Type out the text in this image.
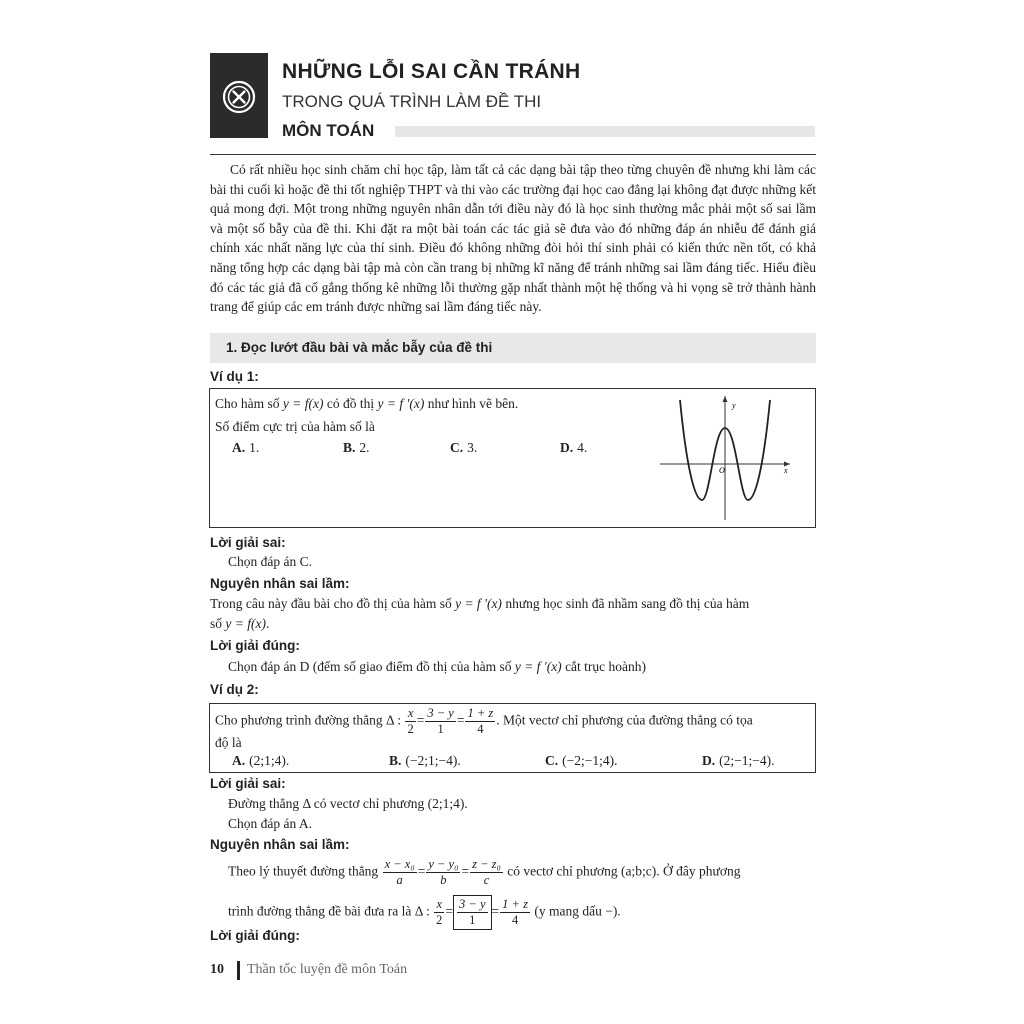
NHỮNG LỖI SAI CẦN TRÁNH
TRONG QUÁ TRÌNH LÀM ĐỀ THI
MÔN TOÁN

Có rất nhiều học sinh chăm chỉ học tập, làm tất cả các dạng bài tập theo từng chuyên đề nhưng khi làm các bài thi cuối kì hoặc đề thi tốt nghiệp THPT và thi vào các trường đại học cao đẳng lại không đạt được những kết quả mong đợi. Một trong những nguyên nhân dẫn tới điều này đó là học sinh thường mắc phải một số sai lầm và một số bẫy của đề thi. Khi đặt ra một bài toán các tác giả sẽ đưa vào đó những đáp án nhiễu để đánh giá chính xác nhất năng lực của thí sinh. Điều đó không những đòi hỏi thí sinh phải có kiến thức nền tốt, có khả năng tổng hợp các dạng bài tập mà còn cần trang bị những kĩ năng để tránh những sai lầm đáng tiếc. Hiểu điều đó các tác giả đã cố gắng thống kê những lỗi thường gặp nhất thành một hệ thống và hi vọng sẽ trở thành hành trang để giúp các em tránh được những sai lầm đáng tiếc này.

1. Đọc lướt đầu bài và mắc bẫy của đề thi
Ví dụ 1:
Cho hàm số y = f(x) có đồ thị y = f '(x) như hình vẽ bên.
Số điểm cực trị của hàm số là
A. 1.	B. 2.	C. 3.	D. 4.
y
x
O
Lời giải sai:
Chọn đáp án C.
Nguyên nhân sai lầm:
Trong câu này đầu bài cho đồ thị của hàm số y = f '(x) nhưng học sinh đã nhầm sang đồ thị của hàm
số y = f(x).
Lời giải đúng:
Chọn đáp án D (đếm số giao điểm đồ thị của hàm số y = f '(x) cắt trục hoành)
Ví dụ 2:
Cho phương trình đường thẳng Δ : $\frac{x}{2} = \frac{3 - y}{1} = \frac{1 + z}{4}$ . Một vectơ chỉ phương của đường thẳng có tọa
độ là
A. (2;1;4).	B. (−2;1;−4).	C. (−2;−1;4).	D. (2;−1;−4).
Lời giải sai:
Đường thẳng Δ có vectơ chỉ phương (2;1;4).
Chọn đáp án A.
Nguyên nhân sai lầm:
Theo lý thuyết đường thẳng $\frac{\text{x − x₀}}{a} = \frac{\text{y − y₀}}{b} = \frac{\text{z − z₀}}{c}$ có vectơ chỉ phương (a;b;c). Ở đây phương
trình đường thẳng đề bài đưa ra là Δ : $\frac{x}{2} = \frac{3 - y}{1} = \frac{1 + z}{4} (y$ mang dấu −).
Lời giải đúng:
10 Thần tốc luyện đề môn Toán
